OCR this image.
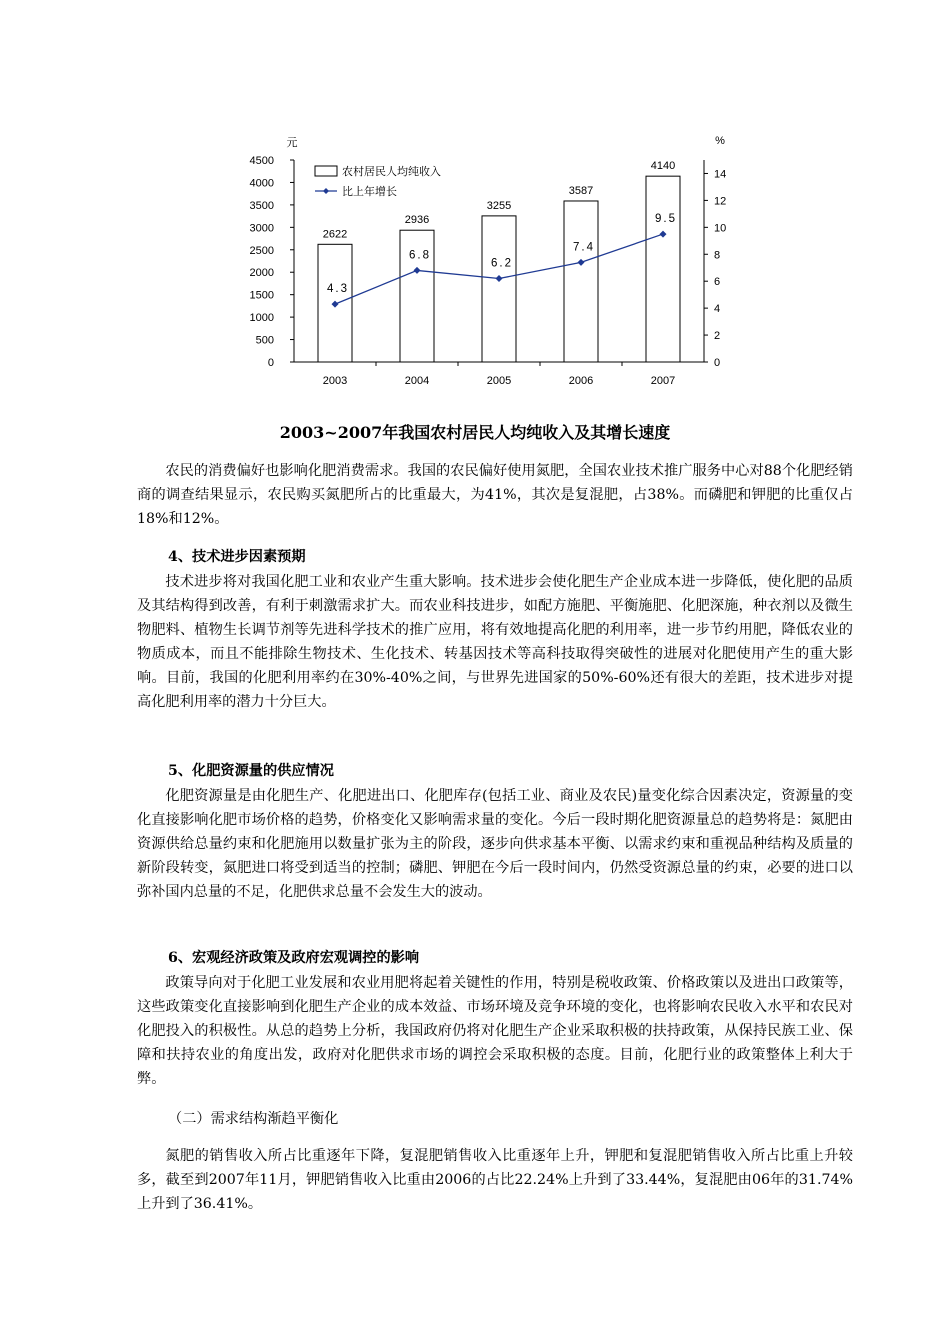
元	%
0
500
1000
1500
2000
2500
3000
3500
4000
4500
0
2
4
6
8
10
12
14
2003	2004	2005	2006	2007
2622
2936
3255
3587
4140
4.3
6.8
6.2
7.4
9.5
农村居民人均纯收入
比上年增长
2003~2007年我国农村居民人均纯收入及其增长速度

农民的消费偏好也影响化肥消费需求。我国的农民偏好使用氮肥，全国农业技术推广服务中心对88个化肥经销商的调查结果显示，农民购买氮肥所占的比重最大，为41%，其次是复混肥，占38%。而磷肥和钾肥的比重仅占18%和12%。

4、技术进步因素预期

技术进步将对我国化肥工业和农业产生重大影响。技术进步会使化肥生产企业成本进一步降低，使化肥的品质及其结构得到改善，有利于刺激需求扩大。而农业科技进步，如配方施肥、平衡施肥、化肥深施，种衣剂以及微生物肥料、植物生长调节剂等先进科学技术的推广应用，将有效地提高化肥的利用率，进一步节约用肥，降低农业的物质成本，而且不能排除生物技术、生化技术、转基因技术等高科技取得突破性的进展对化肥使用产生的重大影响。目前，我国的化肥利用率约在30%-40%之间，与世界先进国家的50%-60%还有很大的差距，技术进步对提高化肥利用率的潜力十分巨大。

5、化肥资源量的供应情况

化肥资源量是由化肥生产、化肥进出口、化肥库存(包括工业、商业及农民)量变化综合因素决定，资源量的变化直接影响化肥市场价格的趋势，价格变化又影响需求量的变化。今后一段时期化肥资源量总的趋势将是：氮肥由资源供给总量约束和化肥施用以数量扩张为主的阶段，逐步向供求基本平衡、以需求约束和重视品种结构及质量的新阶段转变，氮肥进口将受到适当的控制；磷肥、钾肥在今后一段时间内，仍然受资源总量的约束，必要的进口以弥补国内总量的不足，化肥供求总量不会发生大的波动。

6、宏观经济政策及政府宏观调控的影响

政策导向对于化肥工业发展和农业用肥将起着关键性的作用，特别是税收政策、价格政策以及进出口政策等，这些政策变化直接影响到化肥生产企业的成本效益、市场环境及竞争环境的变化，也将影响农民收入水平和农民对化肥投入的积极性。从总的趋势上分析，我国政府仍将对化肥生产企业采取积极的扶持政策，从保持民族工业、保障和扶持农业的角度出发，政府对化肥供求市场的调控会采取积极的态度。目前，化肥行业的政策整体上利大于弊。

（二）需求结构渐趋平衡化

氮肥的销售收入所占比重逐年下降，复混肥销售收入比重逐年上升，钾肥和复混肥销售收入所占比重上升较多，截至到2007年11月，钾肥销售收入比重由2006的占比22.24%上升到了33.44%，复混肥由06年的31.74%上升到了36.41%。
